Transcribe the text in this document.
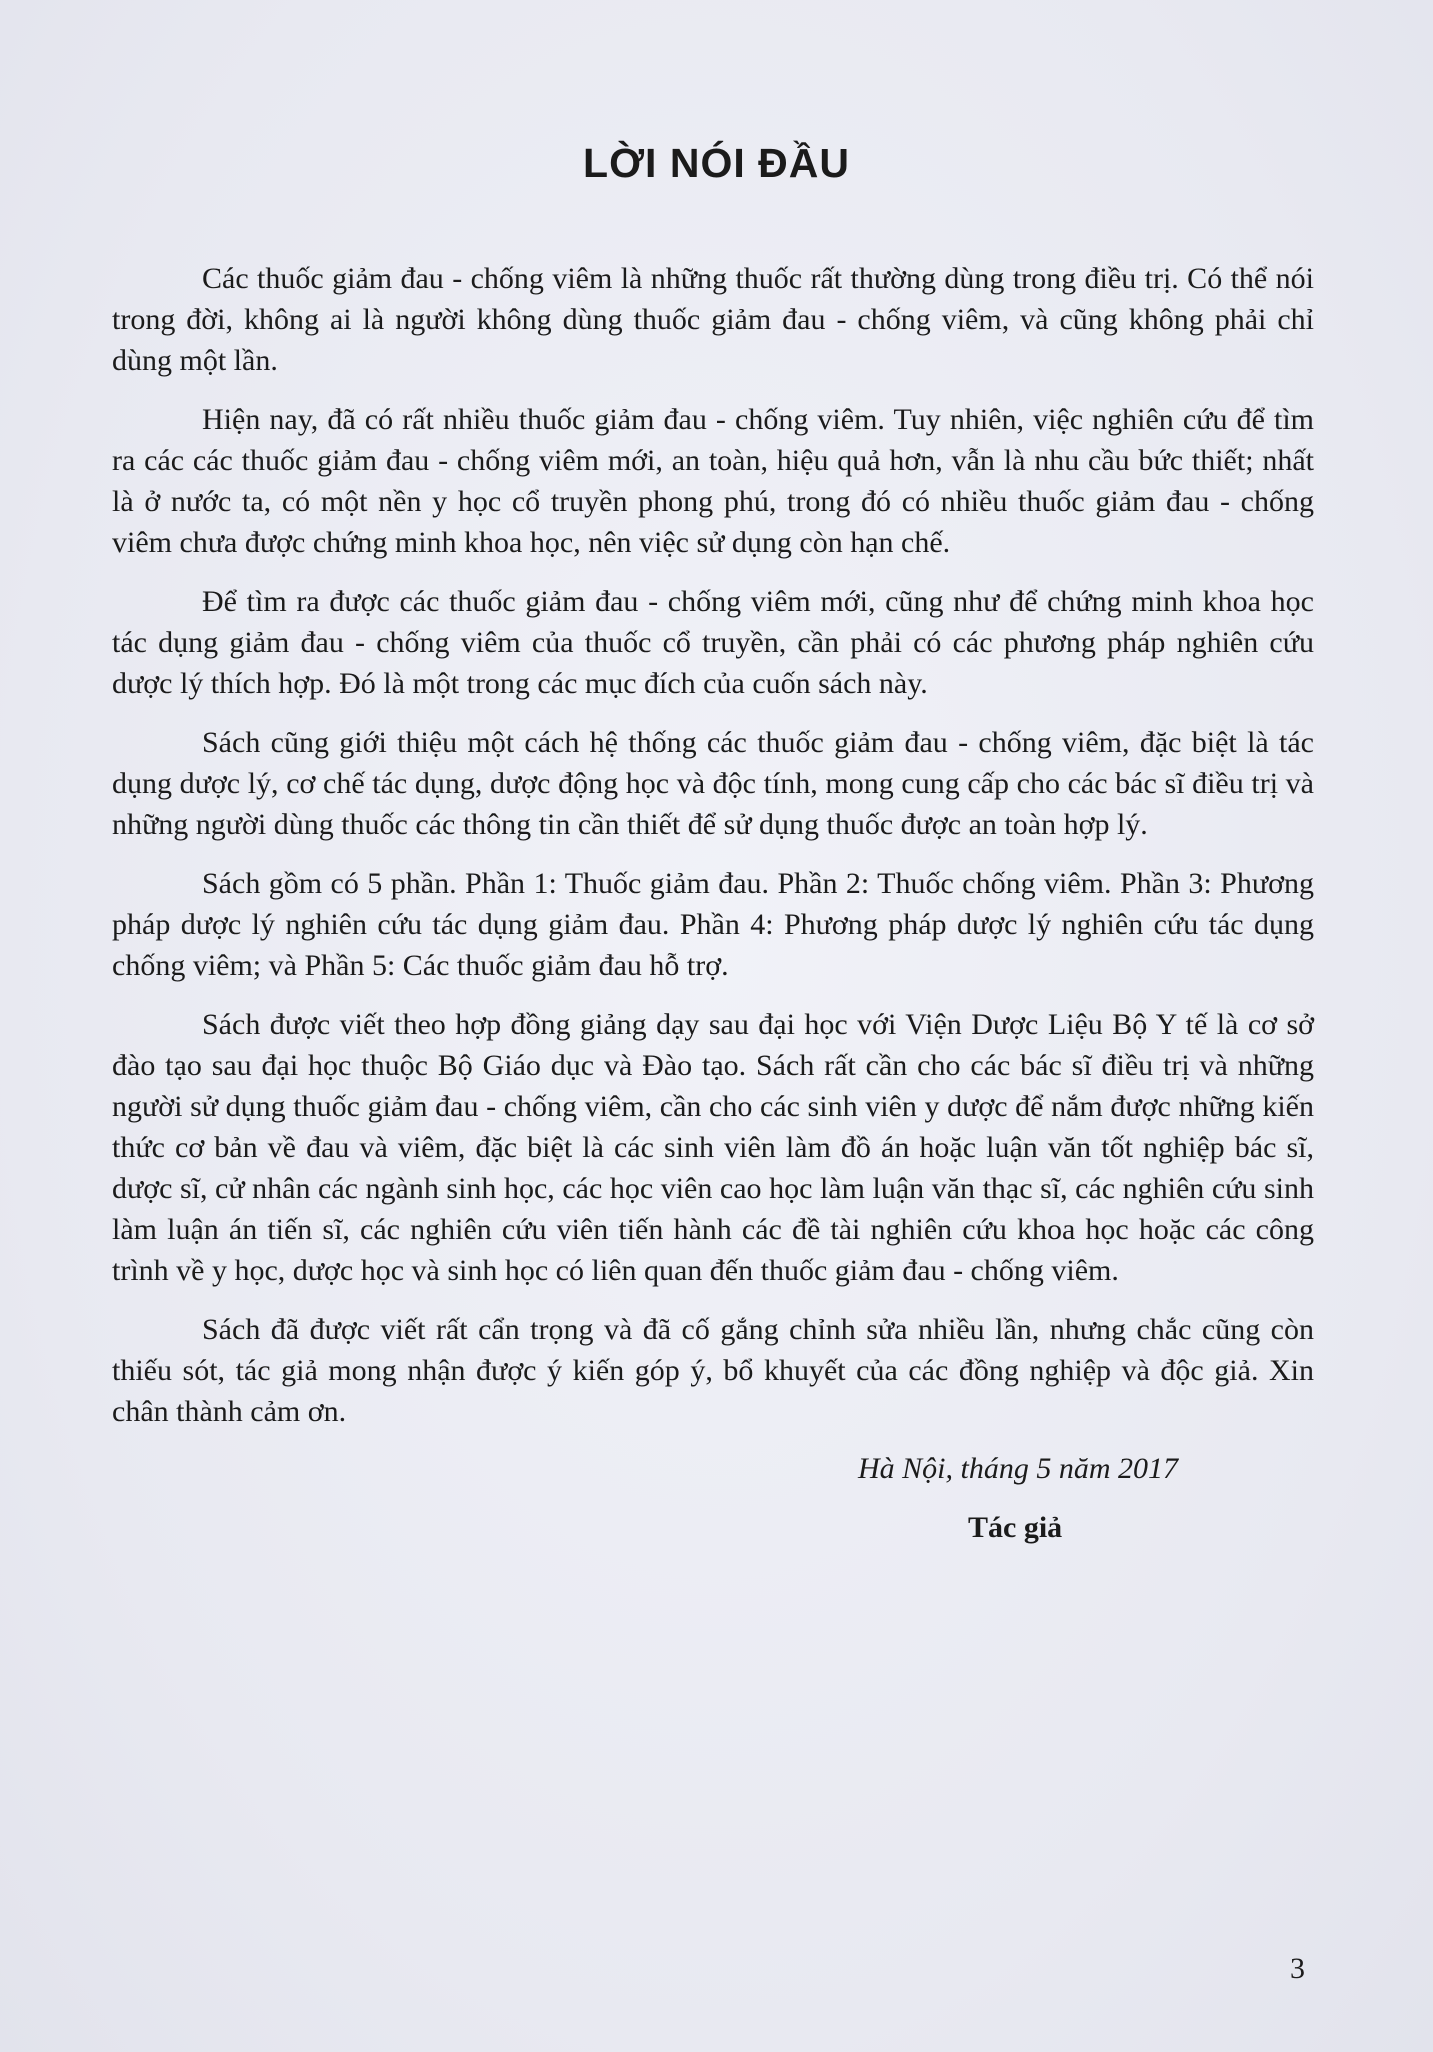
LỜI NÓI ĐẦU

Các thuốc giảm đau - chống viêm là những thuốc rất thường dùng trong điều trị. Có thể nói trong đời, không ai là người không dùng thuốc giảm đau - chống viêm, và cũng không phải chỉ dùng một lần.

Hiện nay, đã có rất nhiều thuốc giảm đau - chống viêm. Tuy nhiên, việc nghiên cứu để tìm ra các các thuốc giảm đau - chống viêm mới, an toàn, hiệu quả hơn, vẫn là nhu cầu bức thiết; nhất là ở nước ta, có một nền y học cổ truyền phong phú, trong đó có nhiều thuốc giảm đau - chống viêm chưa được chứng minh khoa học, nên việc sử dụng còn hạn chế.

Để tìm ra được các thuốc giảm đau - chống viêm mới, cũng như để chứng minh khoa học tác dụng giảm đau - chống viêm của thuốc cổ truyền, cần phải có các phương pháp nghiên cứu dược lý thích hợp. Đó là một trong các mục đích của cuốn sách này.

Sách cũng giới thiệu một cách hệ thống các thuốc giảm đau - chống viêm, đặc biệt là tác dụng dược lý, cơ chế tác dụng, dược động học và độc tính, mong cung cấp cho các bác sĩ điều trị và những người dùng thuốc các thông tin cần thiết để sử dụng thuốc được an toàn hợp lý.

Sách gồm có 5 phần. Phần 1: Thuốc giảm đau. Phần 2: Thuốc chống viêm. Phần 3: Phương pháp dược lý nghiên cứu tác dụng giảm đau. Phần 4: Phương pháp dược lý nghiên cứu tác dụng chống viêm; và Phần 5: Các thuốc giảm đau hỗ trợ.

Sách được viết theo hợp đồng giảng dạy sau đại học với Viện Dược Liệu Bộ Y tế là cơ sở đào tạo sau đại học thuộc Bộ Giáo dục và Đào tạo. Sách rất cần cho các bác sĩ điều trị và những người sử dụng thuốc giảm đau - chống viêm, cần cho các sinh viên y dược để nắm được những kiến thức cơ bản về đau và viêm, đặc biệt là các sinh viên làm đồ án hoặc luận văn tốt nghiệp bác sĩ, dược sĩ, cử nhân các ngành sinh học, các học viên cao học làm luận văn thạc sĩ, các nghiên cứu sinh làm luận án tiến sĩ, các nghiên cứu viên tiến hành các đề tài nghiên cứu khoa học hoặc các công trình về y học, dược học và sinh học có liên quan đến thuốc giảm đau - chống viêm.

Sách đã được viết rất cẩn trọng và đã cố gắng chỉnh sửa nhiều lần, nhưng chắc cũng còn thiếu sót, tác giả mong nhận được ý kiến góp ý, bổ khuyết của các đồng nghiệp và độc giả. Xin chân thành cảm ơn.

Hà Nội, tháng 5 năm 2017
Tác giả
3
